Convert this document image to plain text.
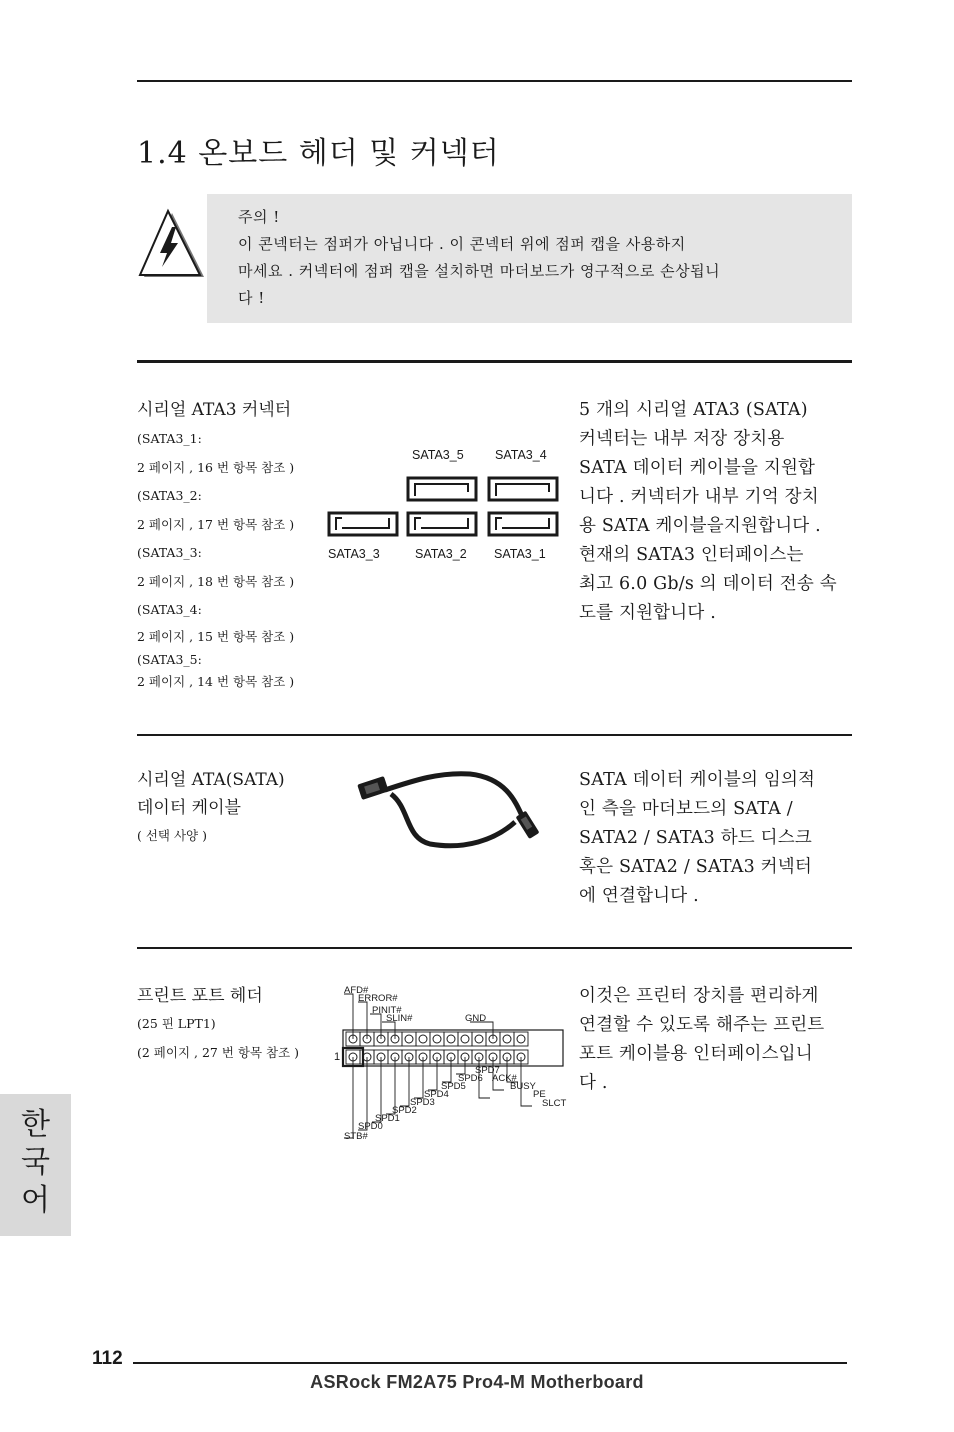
1.4 온보드 헤더 및 커넥터
주의 !
이 콘넥터는 점퍼가 아닙니다 . 이 콘넥터 위에 점퍼 캡을 사용하지
마세요 . 커넥터에 점퍼 캡을 설치하면 마더보드가 영구적으로 손상됩니
다 !
시리얼 ATA3 커넥터
(SATA3_1:
2 페이지 , 16 번 항목 참조 )
(SATA3_2:
2 페이지 , 17 번 항목 참조 )
(SATA3_3:
2 페이지 , 18 번 항목 참조 )
(SATA3_4:
2 페이지 , 15 번 항목 참조 )
(SATA3_5:
2 페이지 , 14 번 항목 참조 )
SATA3_5	SATA3_4
SATA3_3	SATA3_2 SATA3_1
5 개의 시리얼 ATA3 (SATA)
커넥터는 내부 저장 장치용
SATA 데이터 케이블을 지원합
니다 . 커넥터가 내부 기억 장치
용 SATA 케이블을지원합니다 .
현재의 SATA3 인터페이스는
최고 6.0 Gb/s 의 데이터 전송 속
도를 지원합니다 .
시리얼 ATA(SATA)
데이터 케이블
( 선택 사양 )
SATA 데이터 케이블의 임의적
인 측을 마더보드의 SATA /
SATA2 / SATA3 하드 디스크
혹은 SATA2 / SATA3 커넥터
에 연결합니다 .
프린트 포트 헤더
(25 핀 LPT1)
(2 페이지 , 27 번 항목 참조 )
AFD#
ERROR#
PINIT#
SLIN#	GND
1
SPD7
SPD6 ACK#
SPD5	BUSY
SPD4	PE
SPD3	SLCT
SPD2
SPD1
SPD0
STB#
이것은 프린터 장치를 편리하게
연결할 수 있도록 해주는 프린트
포트 케이블용 인터페이스입니
다 .
한
국
어
112
ASRock FM2A75 Pro4-M Motherboard
